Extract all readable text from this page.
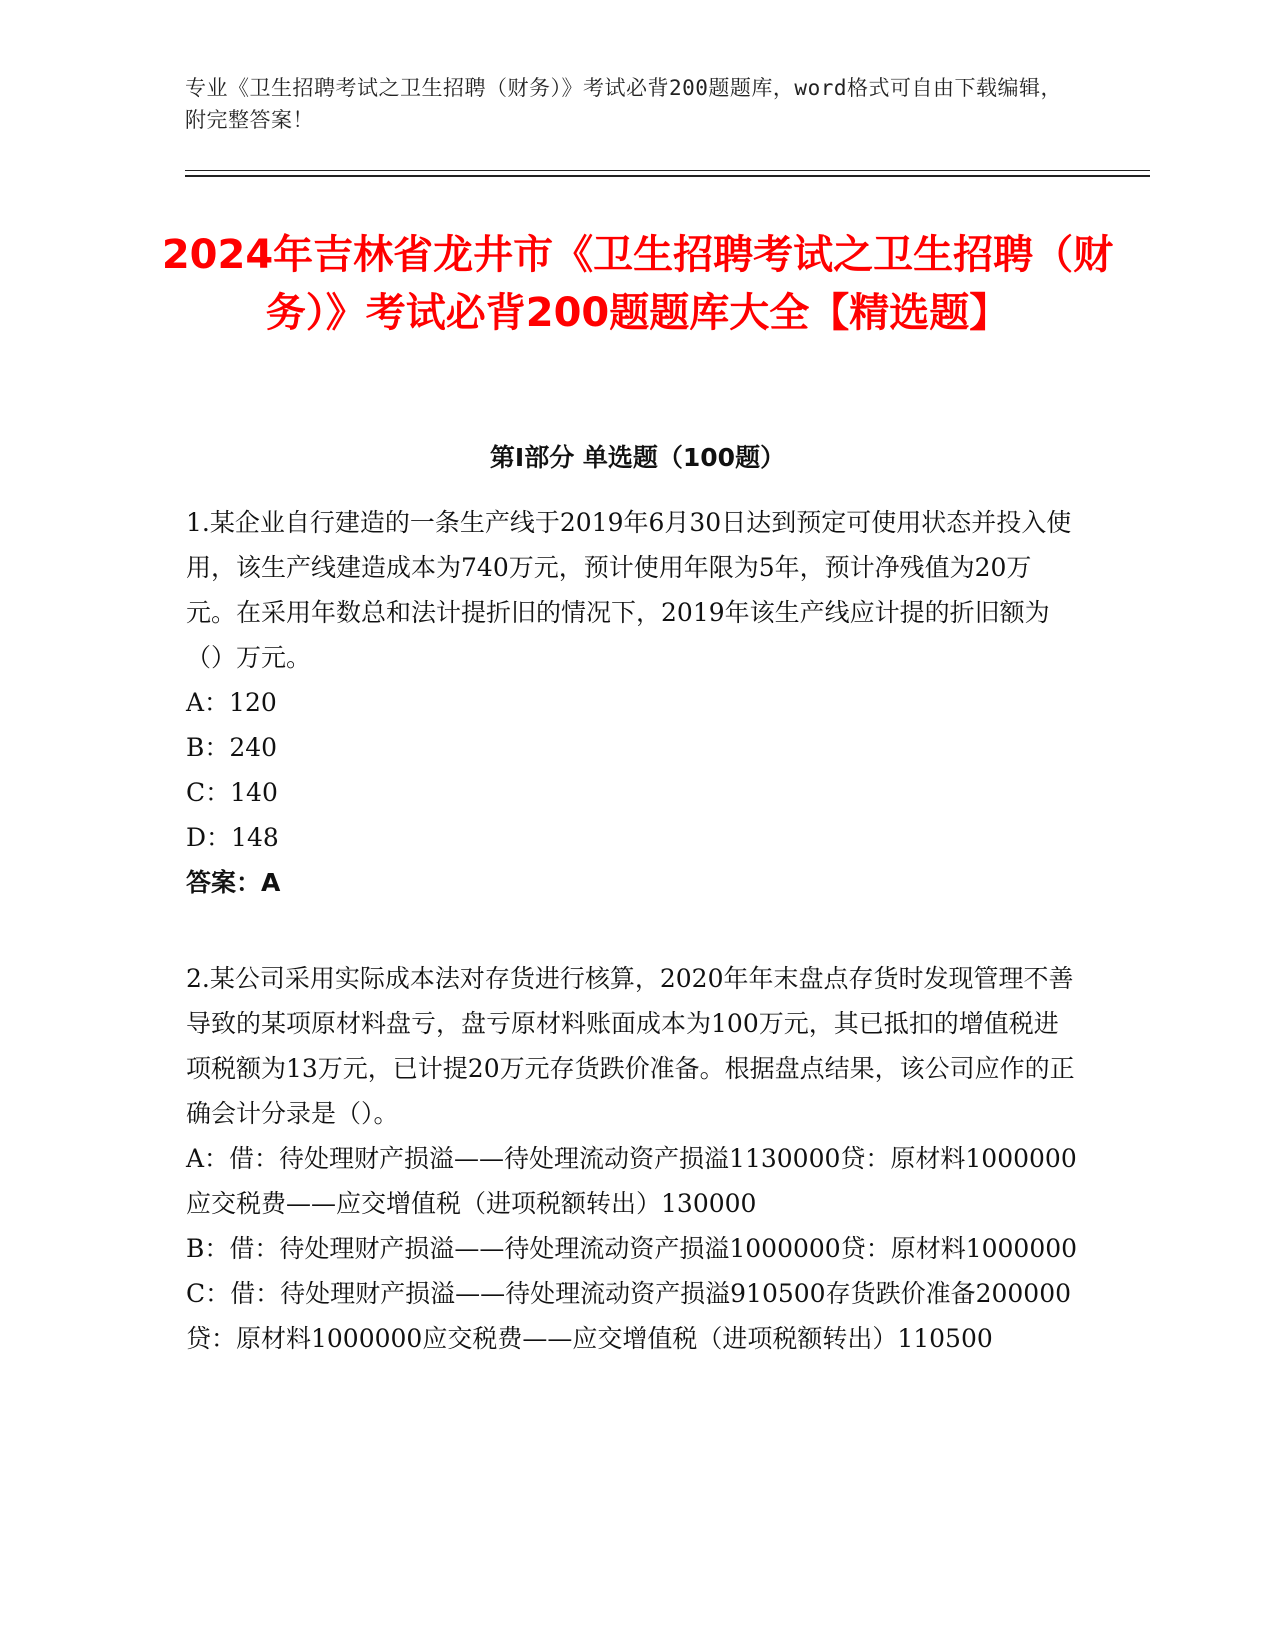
专业《卫生招聘考试之卫生招聘（财务）》考试必背200题题库，word格式可自由下载编辑，附完整答案！
2024年吉林省龙井市《卫生招聘考试之卫生招聘（财务）》考试必背200题题库大全【精选题】
第I部分 单选题（100题）

1.某企业自行建造的一条生产线于2019年6月30日达到预定可使用状态并投入使用，该生产线建造成本为740万元，预计使用年限为5年，预计净残值为20万元。在采用年数总和法计提折旧的情况下，2019年该生产线应计提的折旧额为（）万元。

A：120

B：240

C：140

D：148

答案：A

2.某公司采用实际成本法对存货进行核算，2020年年末盘点存货时发现管理不善导致的某项原材料盘亏，盘亏原材料账面成本为100万元，其已抵扣的增值税进项税额为13万元，已计提20万元存货跌价准备。根据盘点结果，该公司应作的正确会计分录是（）。

A：借：待处理财产损溢——待处理流动资产损溢1130000贷：原材料1000000应交税费——应交增值税（进项税额转出）130000

B：借：待处理财产损溢——待处理流动资产损溢1000000贷：原材料1000000

C：借：待处理财产损溢——待处理流动资产损溢910500存货跌价准备200000贷：原材料1000000应交税费——应交增值税（进项税额转出）110500
